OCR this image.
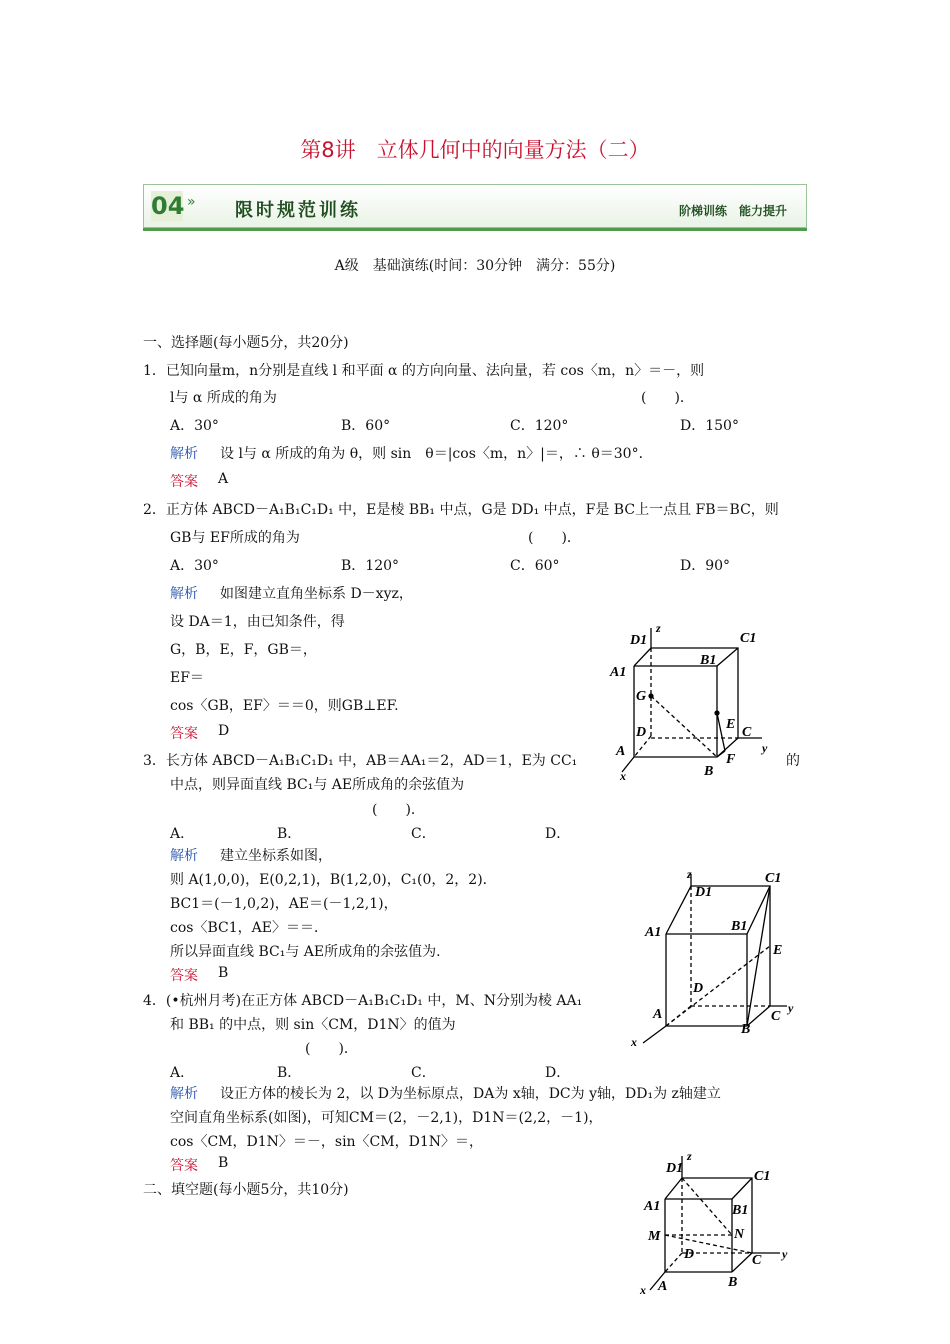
第8讲　立体几何中的向量方法（二）
04 » 限时规范训练	阶梯训练　能力提升
A级　基础演练(时间：30分钟　满分：55分)
一、选择题(每小题5分，共20分)
1．已知向量m，n分别是直线 l 和平面 α 的方向向量、法向量，若 cos〈m，n〉＝－，则
l与 α 所成的角为	(　　)．
A．30°	B．60°	C．120°	D．150°
解析 设 l与 α 所成的角为 θ，则 sin　θ＝|cos〈m，n〉|＝，∴ θ＝30°．
答案 A
2．正方体 ABCD－A₁B₁C₁D₁ 中，E是棱 BB₁ 中点，G是 DD₁ 中点，F是 BC上一点且 FB＝BC，则
GB与 EF所成的角为	(　　)．
A．30°	B．120°	C．60°	D．90°
解析 如图建立直角坐标系 D－xyz，
设 DA＝1，由已知条件，得
G，B，E，F，GB＝，
EF＝
cos〈GB，EF〉＝＝0，则GB⊥EF.
答案 D
3．长方体 ABCD－A₁B₁C₁D₁ 中，AB＝AA₁＝2，AD＝1，E为 CC₁	的
中点，则异面直线 BC₁与 AE所成角的余弦值为
(　　)．
A．	B．	C．	D．
解析 建立坐标系如图，
则 A(1,0,0)，E(0,2,1)，B(1,2,0)，C₁(0，2，2)．
BC1＝(－1,0,2)，AE＝(－1,2,1)，
cos〈BC1，AE〉＝＝．
所以异面直线 BC₁与 AE所成角的余弦值为.
答案 B
4．(•杭州月考)在正方体 ABCD－A₁B₁C₁D₁ 中，M、N分别为棱 AA₁
和 BB₁ 的中点，则 sin〈CM，D1N〉的值为
(　　)．
A．	B．	C．	D．
解析 设正方体的棱长为 2，以 D为坐标原点，DA为 x轴，DC为 y轴，DD₁为 z轴建立
空间直角坐标系(如图)，可知CM＝(2，－2,1)，D1N＝(2,2，－1)，
cos〈CM，D1N〉＝－，sin〈CM，D1N〉＝，
答案 B
二、填空题(每小题5分，共10分)
D1
z
C1
A1
B1
G
E
C
D
A	y
F
B
x
z
D1
C1
A1	B1
E
D
C
y
A
B
x
D1
z
C1
A1	B1
M	N
D	C y
A	B
x
